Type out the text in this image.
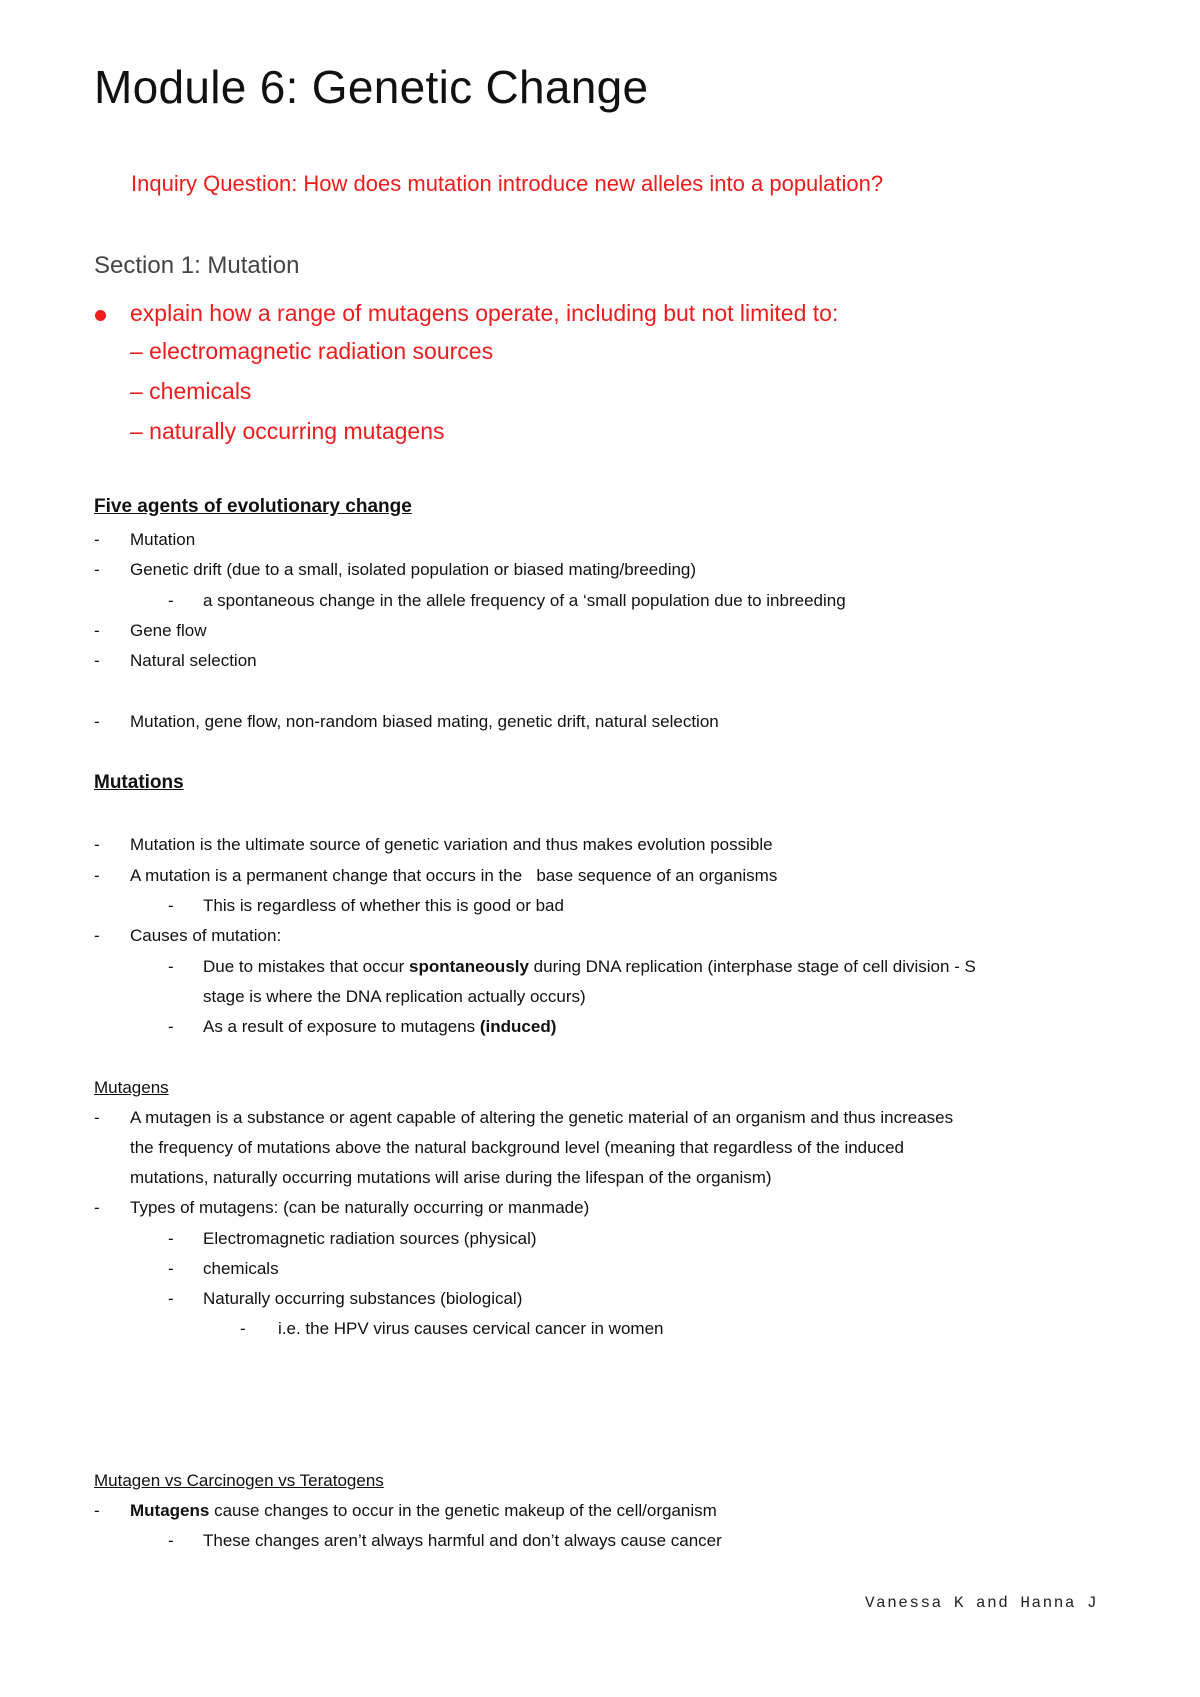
Module 6: Genetic Change
Inquiry Question: How does mutation introduce new alleles into a population?
Section 1: Mutation
explain how a range of mutagens operate, including but not limited to:
– electromagnetic radiation sources
– chemicals
– naturally occurring mutagens
Five agents of evolutionary change
- Mutation
- Genetic drift (due to a small, isolated population or biased mating/breeding)
- a spontaneous change in the allele frequency of a ‘small population due to inbreeding
- Gene flow
- Natural selection
- Mutation, gene flow, non-random biased mating, genetic drift, natural selection
Mutations
- Mutation is the ultimate source of genetic variation and thus makes evolution possible
- A mutation is a permanent change that occurs in the   base sequence of an organisms
- This is regardless of whether this is good or bad
- Causes of mutation:
- Due to mistakes that occur spontaneously during DNA replication (interphase stage of cell division - S
stage is where the DNA replication actually occurs)
- As a result of exposure to mutagens (induced)
Mutagens
- A mutagen is a substance or agent capable of altering the genetic material of an organism and thus increases
the frequency of mutations above the natural background level (meaning that regardless of the induced
mutations, naturally occurring mutations will arise during the lifespan of the organism)
- Types of mutagens: (can be naturally occurring or manmade)
- Electromagnetic radiation sources (physical)
- chemicals
- Naturally occurring substances (biological)
- i.e. the HPV virus causes cervical cancer in women
Mutagen vs Carcinogen vs Teratogens
- Mutagens cause changes to occur in the genetic makeup of the cell/organism
- These changes aren’t always harmful and don’t always cause cancer
Vanessa K and Hanna J
